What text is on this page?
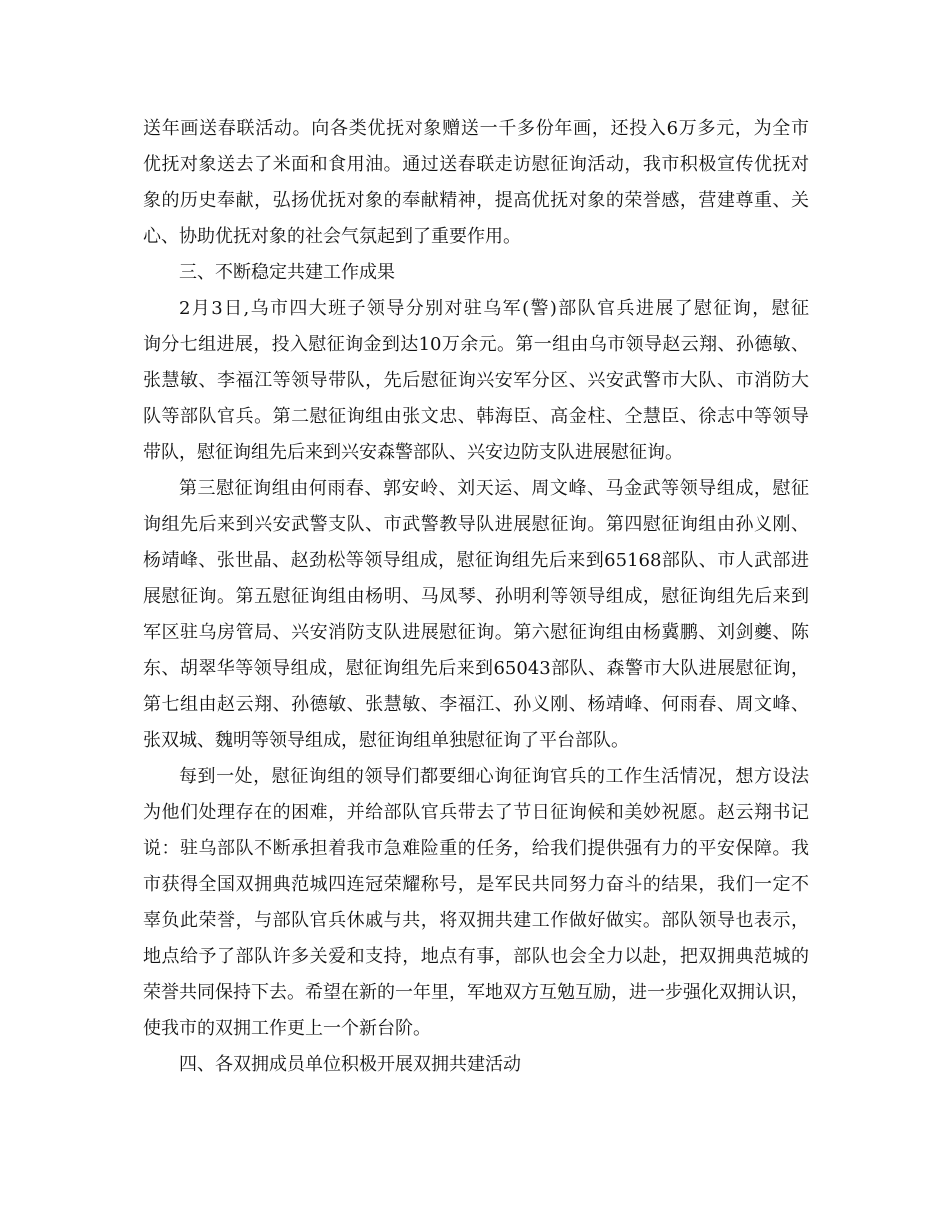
送年画送春联活动。向各类优抚对象赠送一千多份年画，还投入6万多元，为全市
优抚对象送去了米面和食用油。通过送春联走访慰征询活动，我市积极宣传优抚对
象的历史奉献，弘扬优抚对象的奉献精神，提高优抚对象的荣誉感，营建尊重、关
心、协助优抚对象的社会气氛起到了重要作用。
三、不断稳定共建工作成果
2月3日,乌市四大班子领导分别对驻乌军(警)部队官兵进展了慰征询，慰征
询分七组进展，投入慰征询金到达10万余元。第一组由乌市领导赵云翔、孙德敏、
张慧敏、李福江等领导带队，先后慰征询兴安军分区、兴安武警市大队、市消防大
队等部队官兵。第二慰征询组由张文忠、韩海臣、高金柱、仝慧臣、徐志中等领导
带队，慰征询组先后来到兴安森警部队、兴安边防支队进展慰征询。
第三慰征询组由何雨春、郭安岭、刘天运、周文峰、马金武等领导组成，慰征
询组先后来到兴安武警支队、市武警教导队进展慰征询。第四慰征询组由孙义刚、
杨靖峰、张世晶、赵劲松等领导组成，慰征询组先后来到65168部队、市人武部进
展慰征询。第五慰征询组由杨明、马凤琴、孙明利等领导组成，慰征询组先后来到
军区驻乌房管局、兴安消防支队进展慰征询。第六慰征询组由杨冀鹏、刘剑夔、陈
东、胡翠华等领导组成，慰征询组先后来到65043部队、森警市大队进展慰征询，
第七组由赵云翔、孙德敏、张慧敏、李福江、孙义刚、杨靖峰、何雨春、周文峰、
张双城、魏明等领导组成，慰征询组单独慰征询了平台部队。
每到一处，慰征询组的领导们都要细心询征询官兵的工作生活情况，想方设法
为他们处理存在的困难，并给部队官兵带去了节日征询候和美妙祝愿。赵云翔书记
说：驻乌部队不断承担着我市急难险重的任务，给我们提供强有力的平安保障。我
市获得全国双拥典范城四连冠荣耀称号，是军民共同努力奋斗的结果，我们一定不
辜负此荣誉，与部队官兵休戚与共，将双拥共建工作做好做实。部队领导也表示，
地点给予了部队许多关爱和支持，地点有事，部队也会全力以赴，把双拥典范城的
荣誉共同保持下去。希望在新的一年里，军地双方互勉互励，进一步强化双拥认识，
使我市的双拥工作更上一个新台阶。
四、各双拥成员单位积极开展双拥共建活动
